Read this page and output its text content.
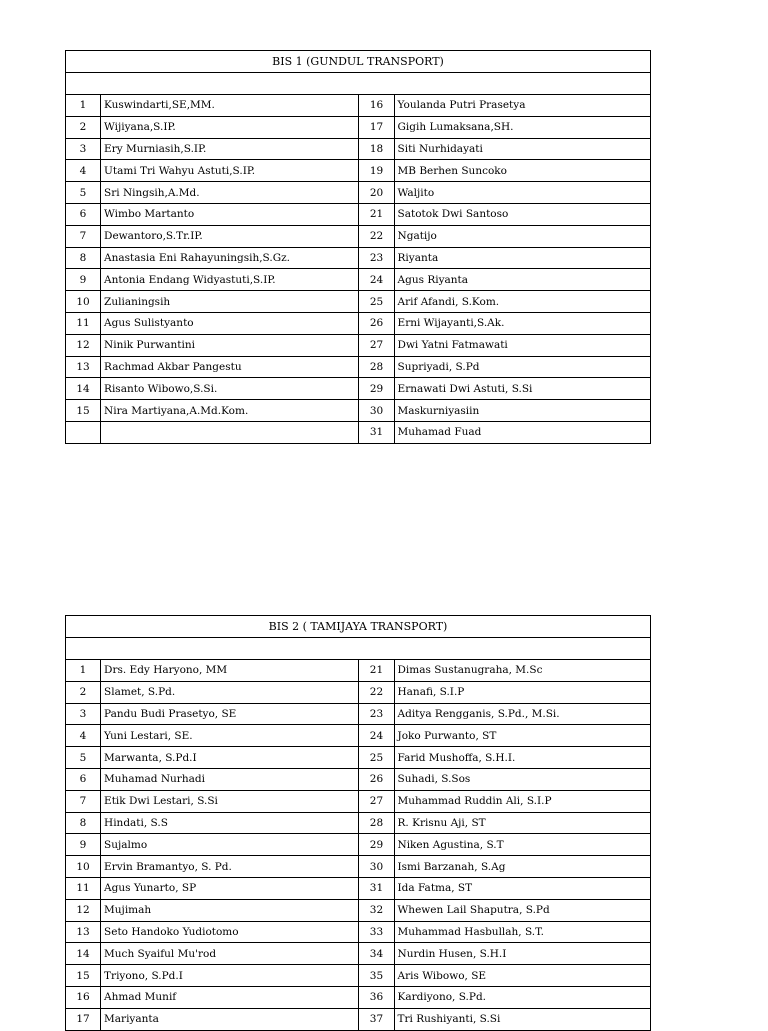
BIS 1 (GUNDUL TRANSPORT)			

1	Kuswindarti,SE,MM.	16	Youlanda Putri Prasetya
2	Wijiyana,S.IP.	17	Gigih Lumaksana,SH.
3	Ery Murniasih,S.IP.	18	Siti Nurhidayati
4	Utami Tri Wahyu Astuti,S.IP.	19	MB Berhen Suncoko
5	Sri Ningsih,A.Md.	20	Waljito
6	Wimbo Martanto	21	Satotok Dwi Santoso
7	Dewantoro,S.Tr.IP.	22	Ngatijo
8	Anastasia Eni Rahayuningsih,S.Gz.	23	Riyanta
9	Antonia Endang Widyastuti,S.IP.	24	Agus Riyanta
10	Zulianingsih	25	Arif Afandi, S.Kom.
11	Agus Sulistyanto	26	Erni Wijayanti,S.Ak.
12	Ninik Purwantini	27	Dwi Yatni Fatmawati
13	Rachmad Akbar Pangestu	28	Supriyadi, S.Pd
14	Risanto Wibowo,S.Si.	29	Ernawati Dwi Astuti, S.Si
15	Nira Martiyana,A.Md.Kom.	30	Maskurniyasiin
		31	Muhamad Fuad
BIS 2 ( TAMIJAYA TRANSPORT)			

1	Drs. Edy Haryono, MM	21	Dimas Sustanugraha, M.Sc
2	Slamet, S.Pd.	22	Hanafi, S.I.P
3	Pandu Budi Prasetyo, SE	23	Aditya Rengganis, S.Pd., M.Si.
4	Yuni Lestari, SE.	24	Joko Purwanto, ST
5	Marwanta, S.Pd.I	25	Farid Mushoffa, S.H.I.
6	Muhamad Nurhadi	26	Suhadi, S.Sos
7	Etik Dwi Lestari, S.Si	27	Muhammad Ruddin Ali, S.I.P
8	Hindati, S.S	28	R. Krisnu Aji, ST
9	Sujalmo	29	Niken Agustina, S.T
10	Ervin Bramantyo, S. Pd.	30	Ismi Barzanah, S.Ag
11	Agus Yunarto, SP	31	Ida Fatma, ST
12	Mujimah	32	Whewen Lail Shaputra, S.Pd
13	Seto Handoko Yudiotomo	33	Muhammad Hasbullah, S.T.
14	Much Syaiful Mu'rod	34	Nurdin Husen, S.H.I
15	Triyono, S.Pd.I	35	Aris Wibowo, SE
16	Ahmad Munif	36	Kardiyono, S.Pd.
17	Mariyanta	37	Tri Rushiyanti, S.Si
